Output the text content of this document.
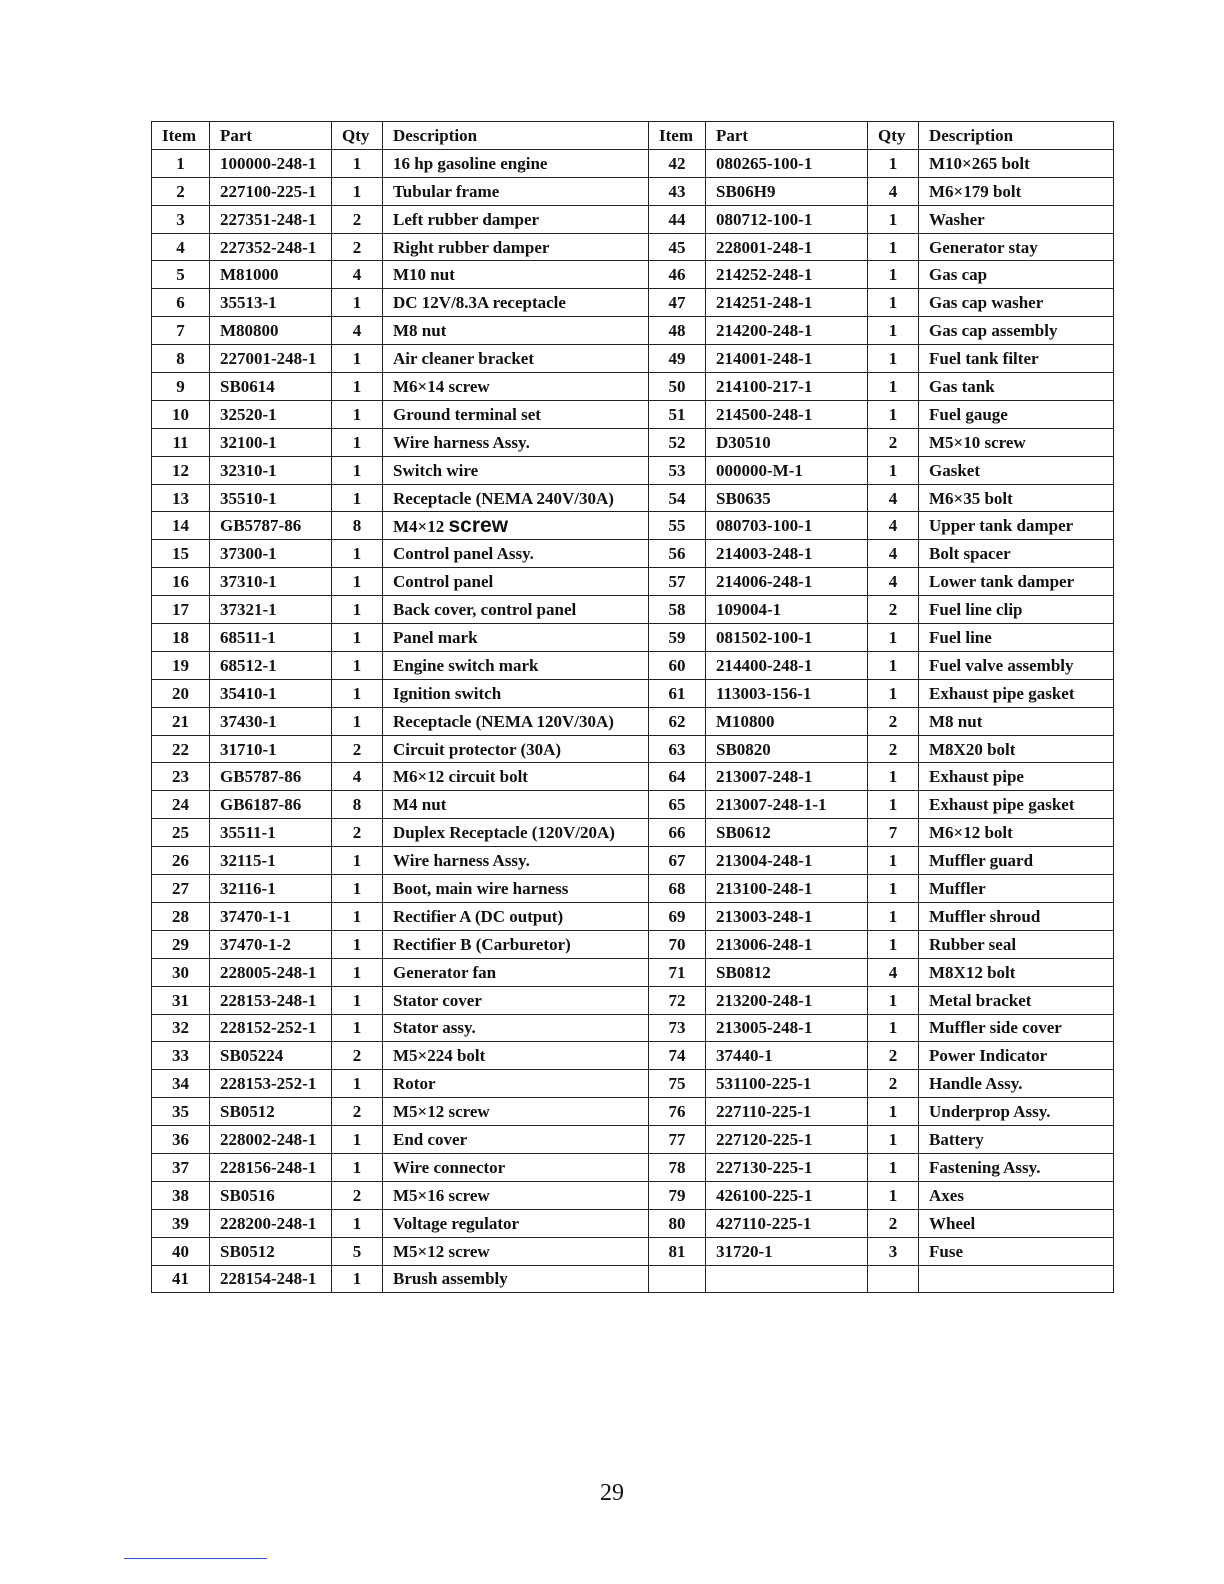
Item	Part	Qty	Description	Item	Part	Qty	Description
1	100000-248-1	1	16 hp gasoline engine	42	080265-100-1	1	M10×265 bolt
2	227100-225-1	1	Tubular frame	43	SB06H9	4	M6×179 bolt
3	227351-248-1	2	Left rubber damper	44	080712-100-1	1	Washer
4	227352-248-1	2	Right rubber damper	45	228001-248-1	1	Generator stay
5	M81000	4	M10 nut	46	214252-248-1	1	Gas cap
6	35513-1	1	DC 12V/8.3A receptacle	47	214251-248-1	1	Gas cap washer
7	M80800	4	M8 nut	48	214200-248-1	1	Gas cap assembly
8	227001-248-1	1	Air cleaner bracket	49	214001-248-1	1	Fuel tank filter
9	SB0614	1	M6×14 screw	50	214100-217-1	1	Gas tank
10	32520-1	1	Ground terminal set	51	214500-248-1	1	Fuel gauge
11	32100-1	1	Wire harness Assy.	52	D30510	2	M5×10 screw
12	32310-1	1	Switch wire	53	000000-M-1	1	Gasket
13	35510-1	1	Receptacle (NEMA 240V/30A)	54	SB0635	4	M6×35 bolt
14	GB5787-86	8	M4×12 screw	55	080703-100-1	4	Upper tank damper
15	37300-1	1	Control panel Assy.	56	214003-248-1	4	Bolt spacer
16	37310-1	1	Control panel	57	214006-248-1	4	Lower tank damper
17	37321-1	1	Back cover, control panel	58	109004-1	2	Fuel line clip
18	68511-1	1	Panel mark	59	081502-100-1	1	Fuel line
19	68512-1	1	Engine switch mark	60	214400-248-1	1	Fuel valve assembly
20	35410-1	1	Ignition switch	61	113003-156-1	1	Exhaust pipe gasket
21	37430-1	1	Receptacle (NEMA 120V/30A)	62	M10800	2	M8 nut
22	31710-1	2	Circuit protector (30A)	63	SB0820	2	M8X20 bolt
23	GB5787-86	4	M6×12 circuit bolt	64	213007-248-1	1	Exhaust pipe
24	GB6187-86	8	M4 nut	65	213007-248-1-1	1	Exhaust pipe gasket
25	35511-1	2	Duplex Receptacle (120V/20A)	66	SB0612	7	M6×12 bolt
26	32115-1	1	Wire harness Assy.	67	213004-248-1	1	Muffler guard
27	32116-1	1	Boot, main wire harness	68	213100-248-1	1	Muffler
28	37470-1-1	1	Rectifier A (DC output)	69	213003-248-1	1	Muffler shroud
29	37470-1-2	1	Rectifier B (Carburetor)	70	213006-248-1	1	Rubber seal
30	228005-248-1	1	Generator fan	71	SB0812	4	M8X12 bolt
31	228153-248-1	1	Stator cover	72	213200-248-1	1	Metal bracket
32	228152-252-1	1	Stator assy.	73	213005-248-1	1	Muffler side cover
33	SB05224	2	M5×224 bolt	74	37440-1	2	Power Indicator
34	228153-252-1	1	Rotor	75	531100-225-1	2	Handle Assy.
35	SB0512	2	M5×12 screw	76	227110-225-1	1	Underprop Assy.
36	228002-248-1	1	End cover	77	227120-225-1	1	Battery
37	228156-248-1	1	Wire connector	78	227130-225-1	1	Fastening Assy.
38	SB0516	2	M5×16 screw	79	426100-225-1	1	Axes
39	228200-248-1	1	Voltage regulator	80	427110-225-1	2	Wheel
40	SB0512	5	M5×12 screw	81	31720-1	3	Fuse
41	228154-248-1	1	Brush assembly				
29
